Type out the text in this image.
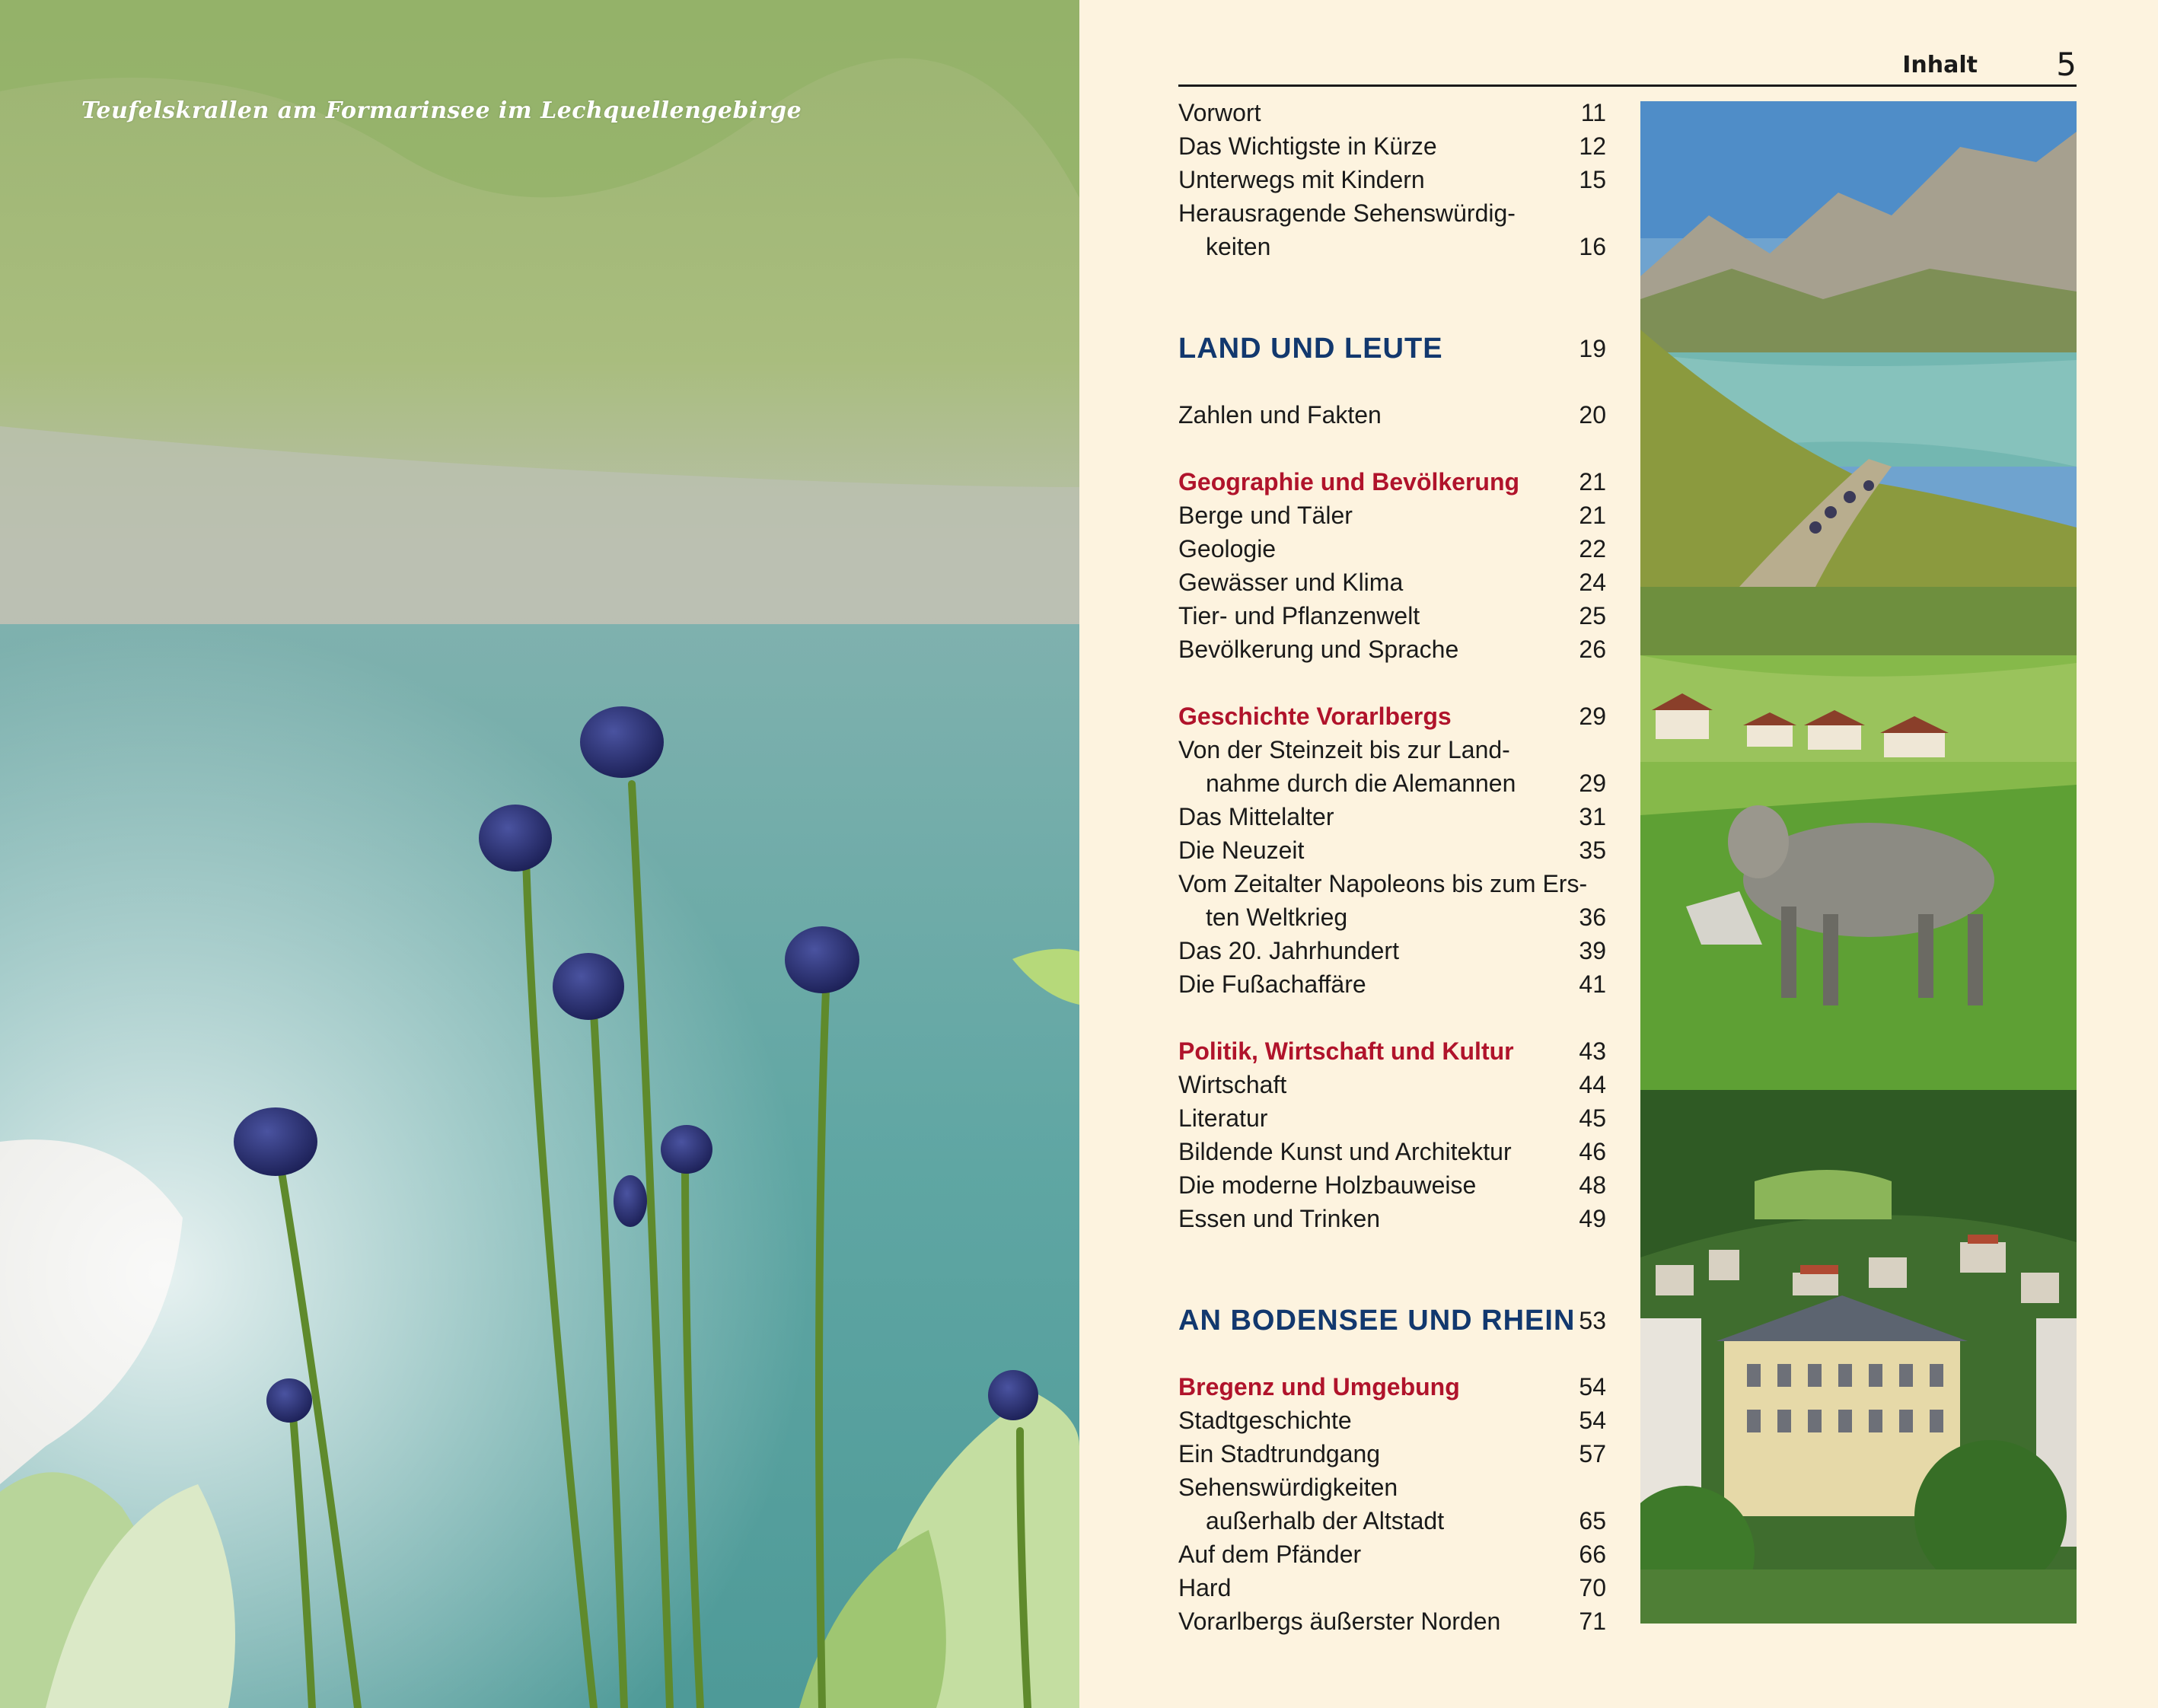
Teufelskrallen am Formarinsee im Lechquellengebirge
Inhalt 5
Vorwort	11
Das Wichtigste in Kürze	12
Unterwegs mit Kindern	15
Herausragende Sehenswürdig-
keiten	16
LAND UND LEUTE	19
Zahlen und Fakten	20
Geographie und Bevölkerung 21
Berge und Täler	21
Geologie	22
Gewässer und Klima	24
Tier- und Pflanzenwelt	25
Bevölkerung und Sprache	26
Geschichte Vorarlbergs	29
Von der Steinzeit bis zur Land-
nahme durch die Alemannen	29
Das Mittelalter	31
Die Neuzeit	35
Vom Zeitalter Napoleons bis zum Ers-
ten Weltkrieg	36
Das 20. Jahrhundert	39
Die Fußachaffäre	41
Politik, Wirtschaft und Kultur	43
Wirtschaft	44
Literatur	45
Bildende Kunst und Architektur	46
Die moderne Holzbauweise	48
Essen und Trinken	49
AN BODENSEE UND RHEIN 53
Bregenz und Umgebung	54
Stadtgeschichte	54
Ein Stadtrundgang	57
Sehenswürdigkeiten
außerhalb der Altstadt	65
Auf dem Pfänder	66
Hard	70
Vorarlbergs äußerster Norden	71
